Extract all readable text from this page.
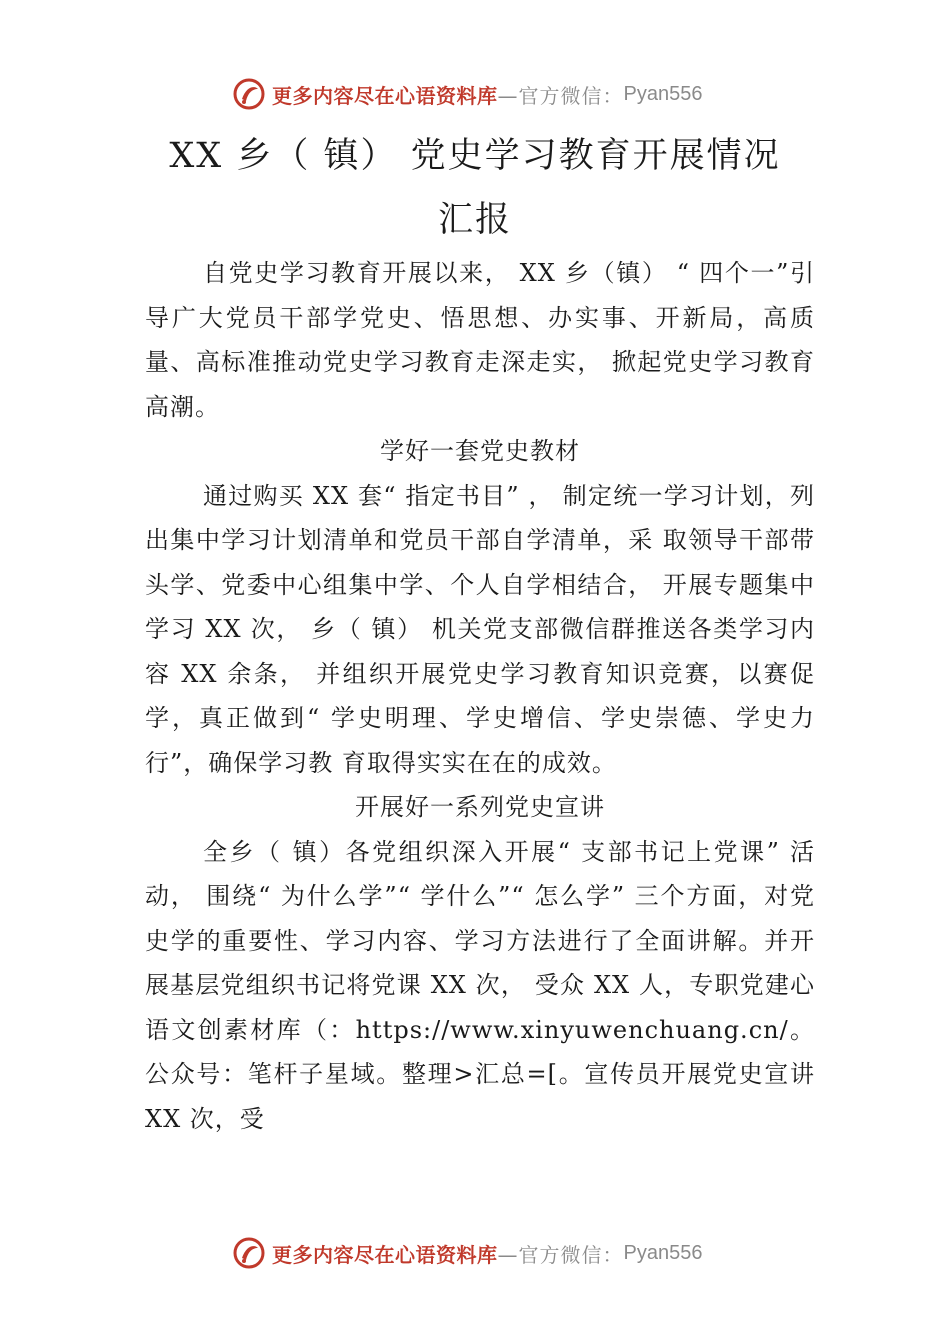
更多内容尽在心语资料库 —官方微信： Pyan556
XX 乡（ 镇） 党史学习教育开展情况
汇报

自党史学习教育开展以来， XX 乡（镇） “ 四个一”引导广大党员干部学党史、悟思想、办实事、开新局，高质量、高标准推动党史学习教育走深走实， 掀起党史学习教育高潮。

学好一套党史教材

通过购买 XX 套“ 指定书目” ， 制定统一学习计划，列出集中学习计划清单和党员干部自学清单，采 取领导干部带头学、党委中心组集中学、个人自学相结合， 开展专题集中学习 XX 次， 乡（ 镇） 机关党支部微信群推送各类学习内容 XX 余条， 并组织开展党史学习教育知识竞赛，以赛促学，真正做到“ 学史明理、学史增信、学史崇德、学史力行”，确保学习教 育取得实实在在的成效。

开展好一系列党史宣讲

全乡（ 镇）各党组织深入开展“ 支部书记上党课” 活动， 围绕“ 为什么学”“ 学什么”“ 怎么学” 三个方面，对党史学的重要性、学习内容、学习方法进行了全面讲解。并开展基层党组织书记将党课 XX 次， 受众 XX 人，专职党建心语文创素材库（：https://www.xinyuwenchuang.cn/。公众号：笔杆子星域。整理>汇总=[。宣传员开展党史宣讲 XX 次，受

更多内容尽在心语资料库 —官方微信： Pyan556
